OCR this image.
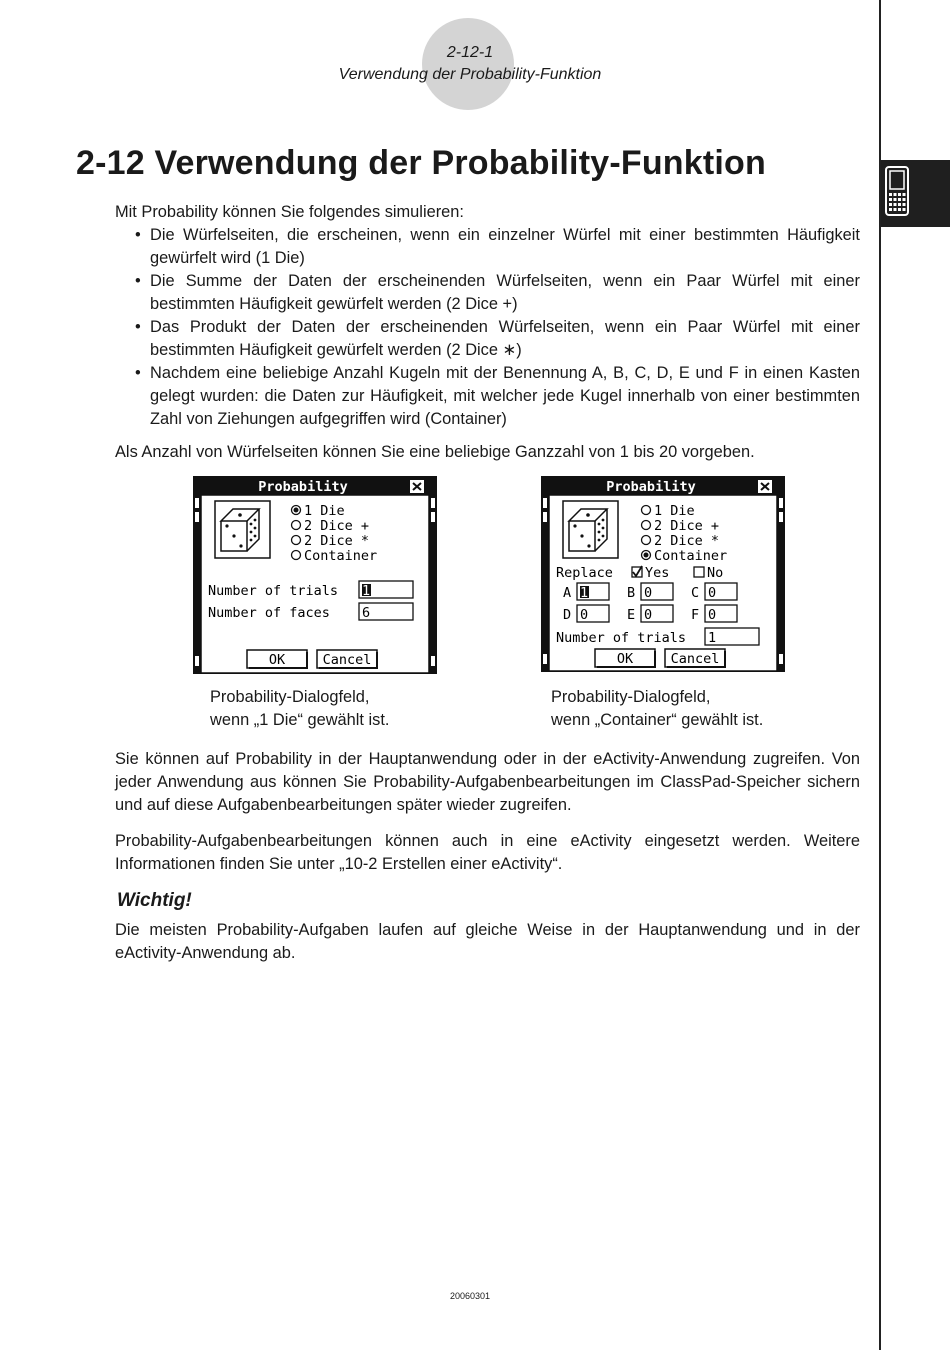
2-12-1
Verwendung der Probability-Funktion
2-12 Verwendung der Probability-Funktion

Mit Probability können Sie folgendes simulieren:

• Die Würfelseiten, die erscheinen, wenn ein einzelner Würfel mit einer bestimmten Häufigkeit gewürfelt wird (1 Die)
• Die Summe der Daten der erscheinenden Würfelseiten, wenn ein Paar Würfel mit einer bestimmten Häufigkeit gewürfelt werden (2 Dice +)
• Das Produkt der Daten der erscheinenden Würfelseiten, wenn ein Paar Würfel mit einer bestimmten Häufigkeit gewürfelt werden (2 Dice ∗)
• Nachdem eine beliebige Anzahl Kugeln mit der Benennung A, B, C, D, E und F in einen Kasten gelegt wurden: die Daten zur Häufigkeit, mit welcher jede Kugel innerhalb von einer bestimmten Zahl von Ziehungen aufgegriffen wird (Container)

Als Anzahl von Würfelseiten können Sie eine beliebige Ganzzahl von 1 bis 20 vorgeben.

Probability
1 Die
2 Dice +
2 Dice *
Container
Number of trials 1
Number of faces 6
OK	Cancel
Probability
1 Die
2 Dice +
2 Dice *
Container
Replace Yes	No
A 1	B 0	C 0
D 0	E 0	F 0
Number of trials 1
OK	Cancel
Probability-Dialogfeld,
wenn „1 Die“ gewählt ist.
Probability-Dialogfeld,
wenn „Container“ gewählt ist.

Sie können auf Probability in der Hauptanwendung oder in der eActivity-Anwendung zugreifen. Von jeder Anwendung aus können Sie Probability-Aufgabenbearbeitungen im ClassPad-Speicher sichern und auf diese Aufgabenbearbeitungen später wieder zugreifen.

Probability-Aufgabenbearbeitungen können auch in eine eActivity eingesetzt werden. Weitere Informationen finden Sie unter „10-2 Erstellen einer eActivity“.

Wichtig!

Die meisten Probability-Aufgaben laufen auf gleiche Weise in der Hauptanwendung und in der eActivity-Anwendung ab.

20060301
